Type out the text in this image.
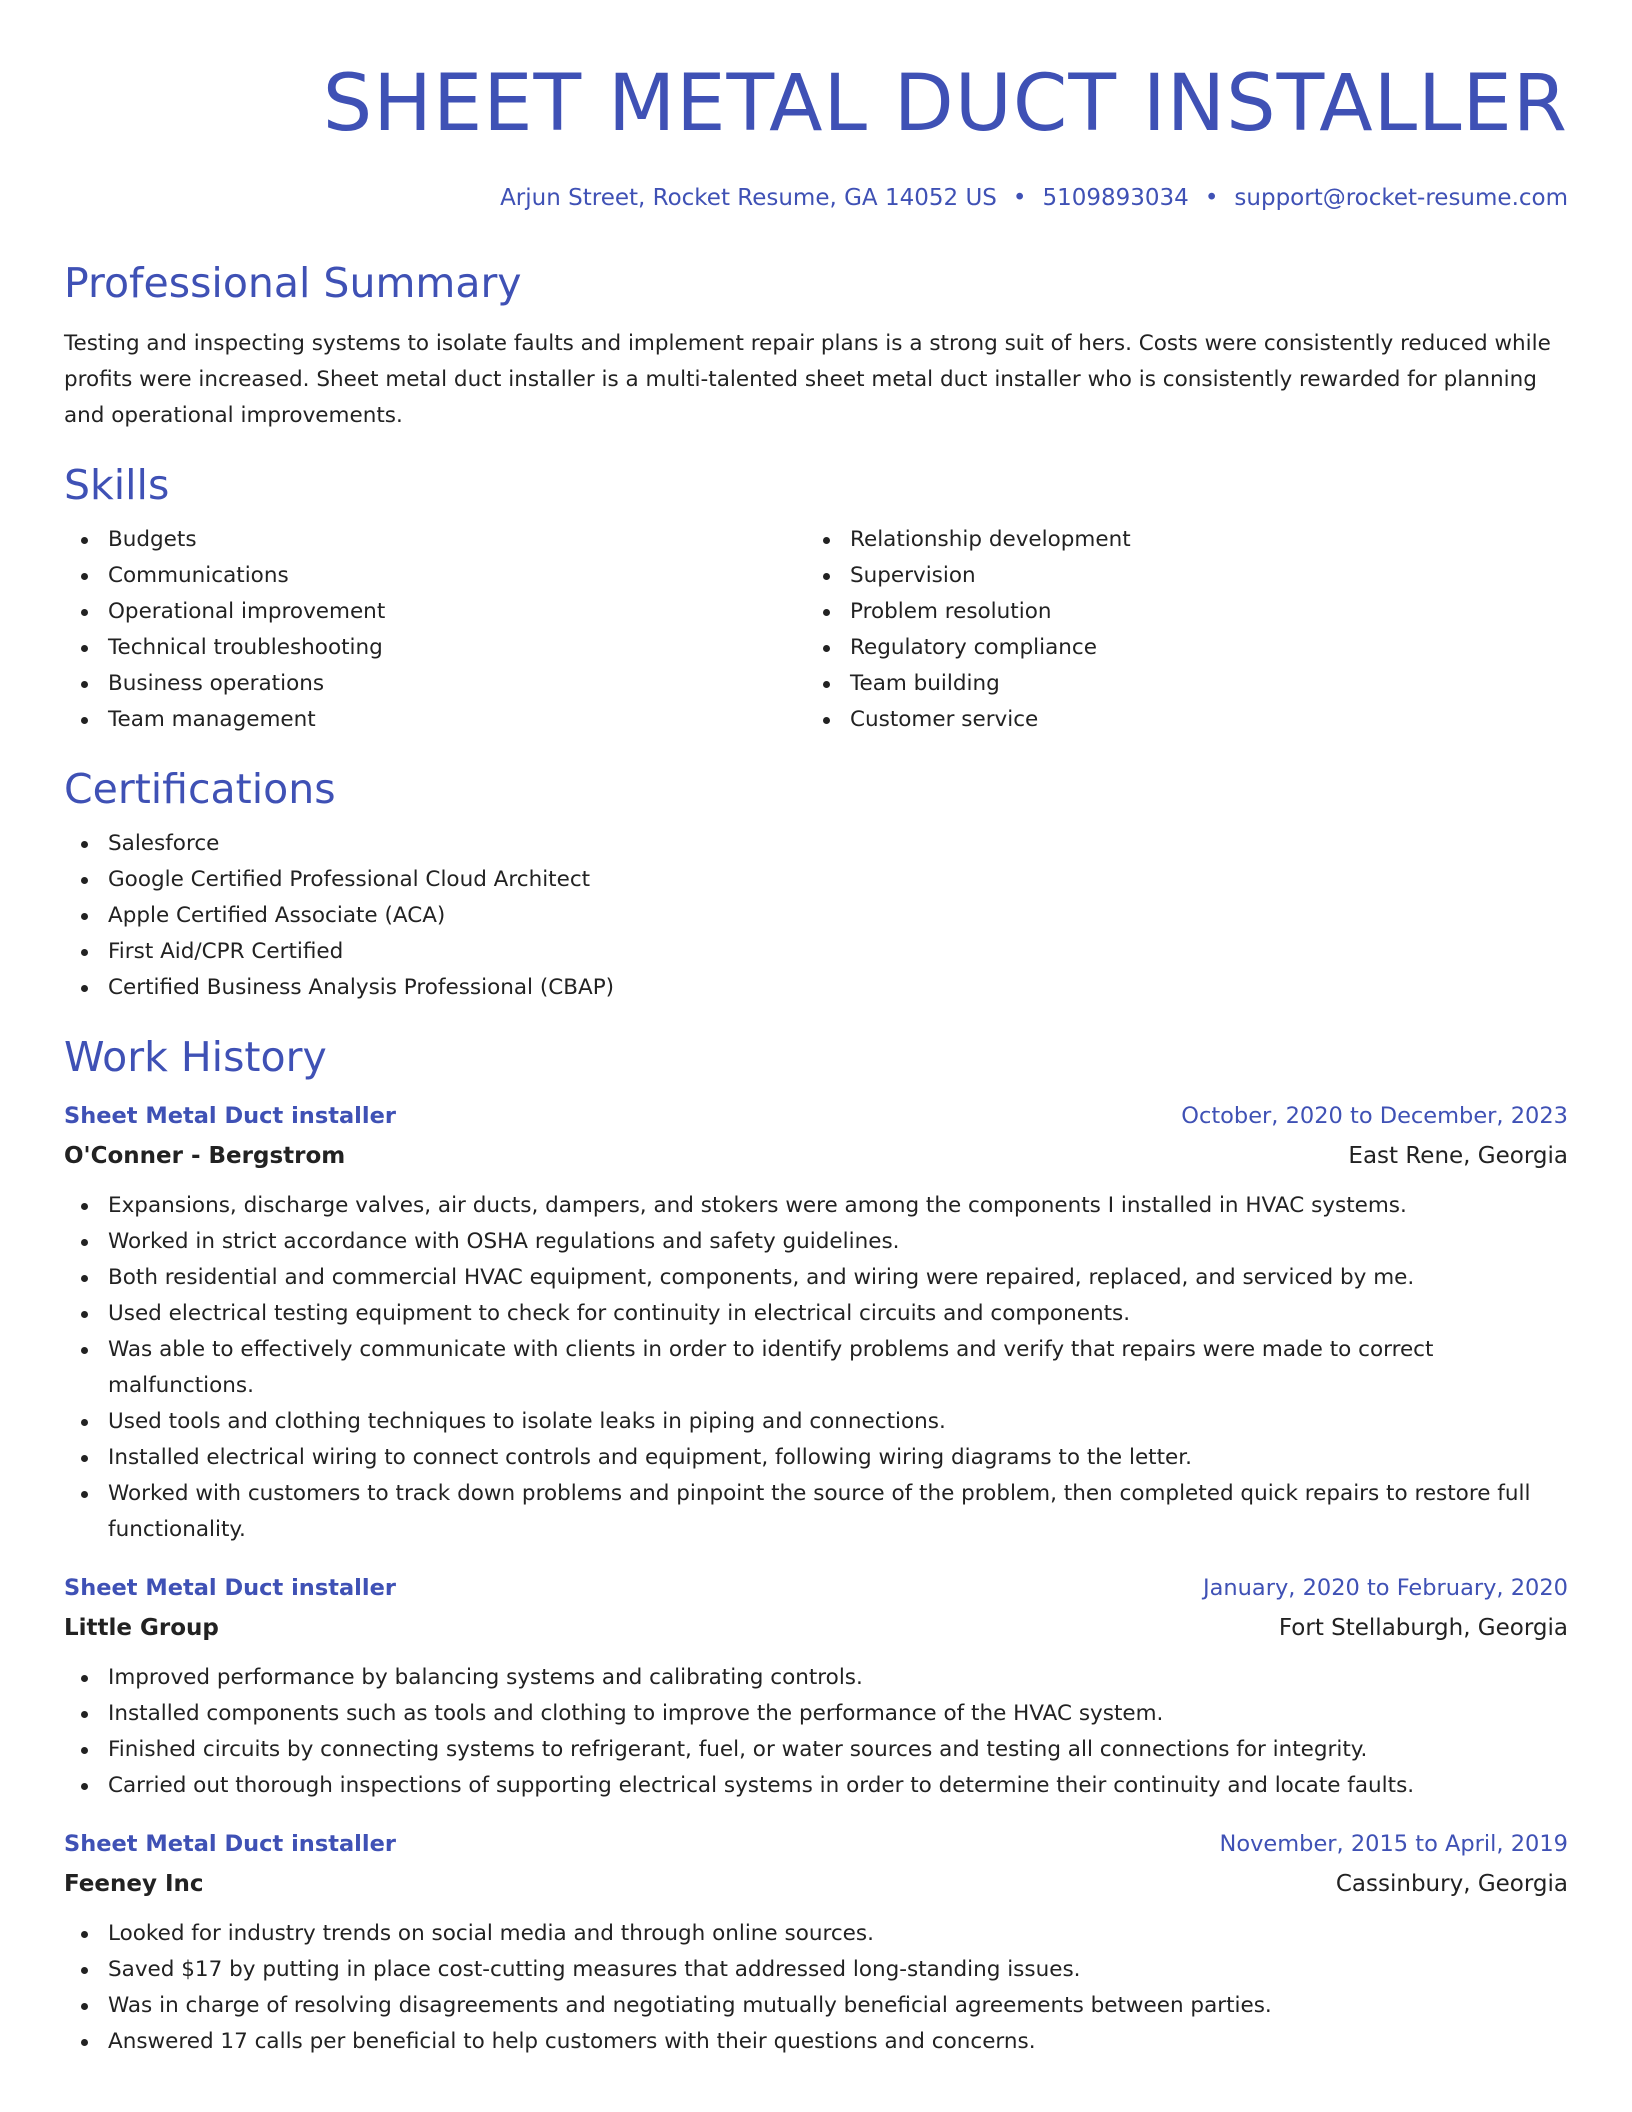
SHEET METAL DUCT INSTALLER
Arjun Street, Rocket Resume, GA 14052 US • 5109893034 • support@rocket-resume.com
Professional Summary
Testing and inspecting systems to isolate faults and implement repair plans is a strong suit of hers. Costs were consistently reduced while profits were increased. Sheet metal duct installer is a multi-talented sheet metal duct installer who is consistently rewarded for planning and operational improvements.
Skills
Budgets
Communications
Operational improvement
Technical troubleshooting
Business operations
Team management
Relationship development
Supervision
Problem resolution
Regulatory compliance
Team building
Customer service
Certifications
Salesforce
Google Certified Professional Cloud Architect
Apple Certified Associate (ACA)
First Aid/CPR Certified
Certified Business Analysis Professional (CBAP)
Work History
Sheet Metal Duct installer	October, 2020 to December, 2023
O'Conner - Bergstrom	East Rene, Georgia
Expansions, discharge valves, air ducts, dampers, and stokers were among the components I installed in HVAC systems.
Worked in strict accordance with OSHA regulations and safety guidelines.
Both residential and commercial HVAC equipment, components, and wiring were repaired, replaced, and serviced by me.
Used electrical testing equipment to check for continuity in electrical circuits and components.
Was able to effectively communicate with clients in order to identify problems and verify that repairs were made to correct malfunctions.
Used tools and clothing techniques to isolate leaks in piping and connections.
Installed electrical wiring to connect controls and equipment, following wiring diagrams to the letter.
Worked with customers to track down problems and pinpoint the source of the problem, then completed quick repairs to restore full functionality.
Sheet Metal Duct installer	January, 2020 to February, 2020
Little Group	Fort Stellaburgh, Georgia
Improved performance by balancing systems and calibrating controls.
Installed components such as tools and clothing to improve the performance of the HVAC system.
Finished circuits by connecting systems to refrigerant, fuel, or water sources and testing all connections for integrity.
Carried out thorough inspections of supporting electrical systems in order to determine their continuity and locate faults.
Sheet Metal Duct installer	November, 2015 to April, 2019
Feeney Inc	Cassinbury, Georgia
Looked for industry trends on social media and through online sources.
Saved $17 by putting in place cost-cutting measures that addressed long-standing issues.
Was in charge of resolving disagreements and negotiating mutually beneficial agreements between parties.
Answered 17 calls per beneficial to help customers with their questions and concerns.
